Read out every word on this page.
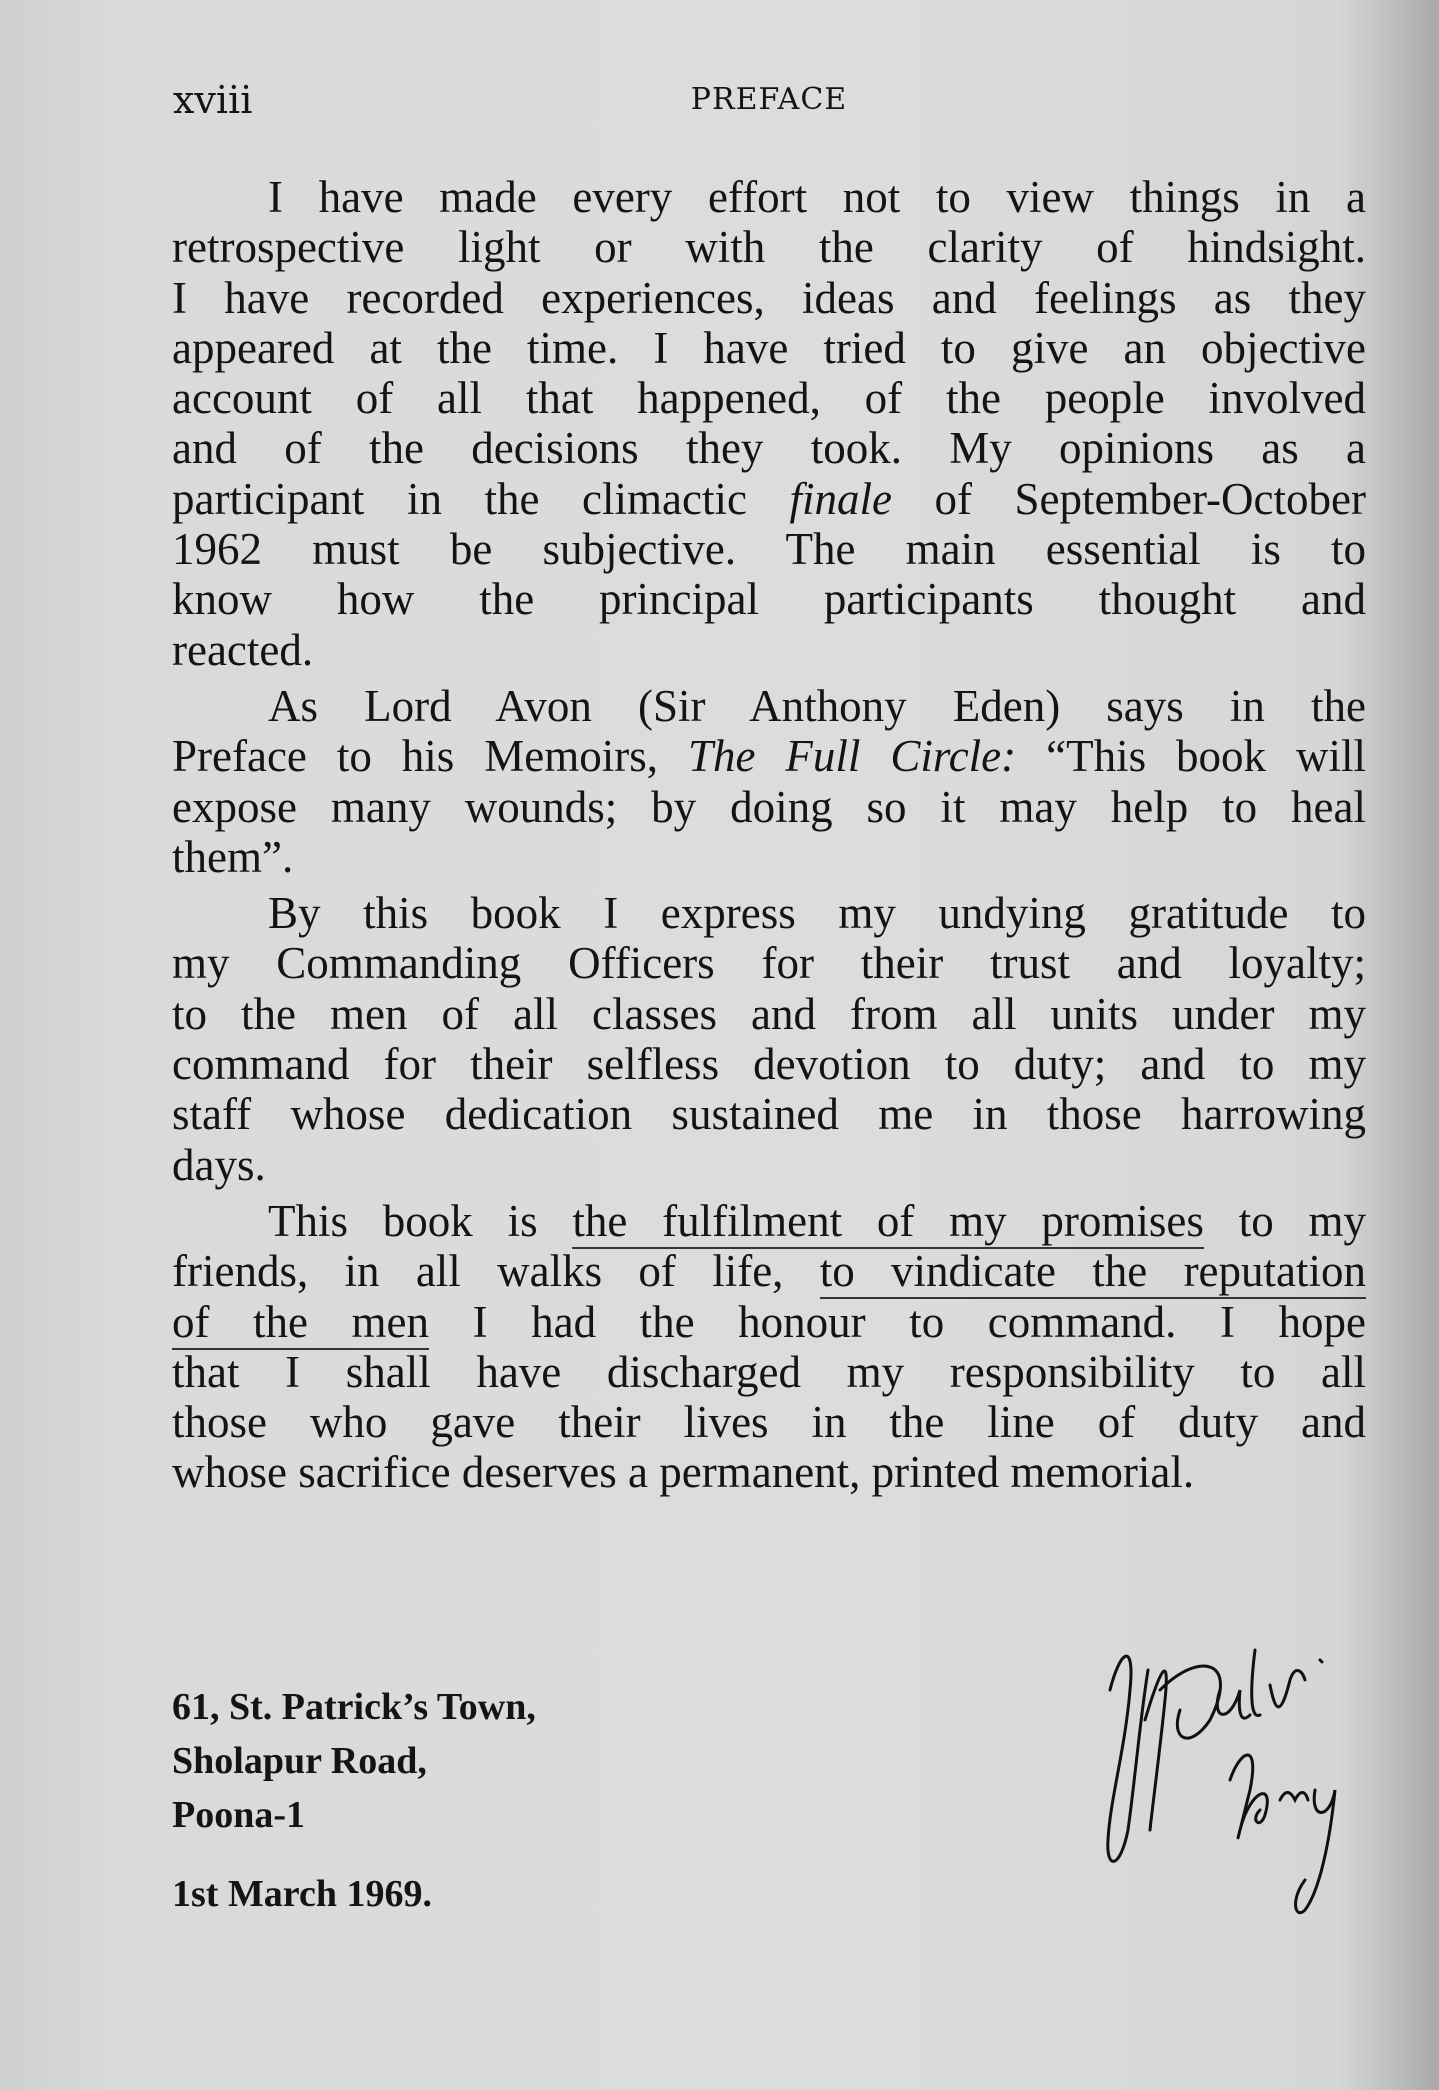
xviii	PREFACE
I have made every effort not to view things in a
retrospective light or with the clarity of hindsight.
I have recorded experiences, ideas and feelings as they
appeared at the time. I have tried to give an objective
account of all that happened, of the people involved
and of the decisions they took. My opinions as a
participant in the climactic finale of September-October
1962 must be subjective. The main essential is to
know how the principal participants thought and
reacted.
As Lord Avon (Sir Anthony Eden) says in the
Preface to his Memoirs, The Full Circle: “This book will
expose many wounds; by doing so it may help to heal
them”.
By this book I express my undying gratitude to
my Commanding Officers for their trust and loyalty;
to the men of all classes and from all units under my
command for their selfless devotion to duty; and to my
staff whose dedication sustained me in those harrowing
days.
This book is the fulfilment of my promises to my
friends, in all walks of life, to vindicate the reputation
of the men I had the honour to command. I hope
that I shall have discharged my responsibility to all
those who gave their lives in the line of duty and
whose sacrifice deserves a permanent, printed memorial.
61, St. Patrick’s Town,
Sholapur Road,
Poona-1
1st March 1969.
